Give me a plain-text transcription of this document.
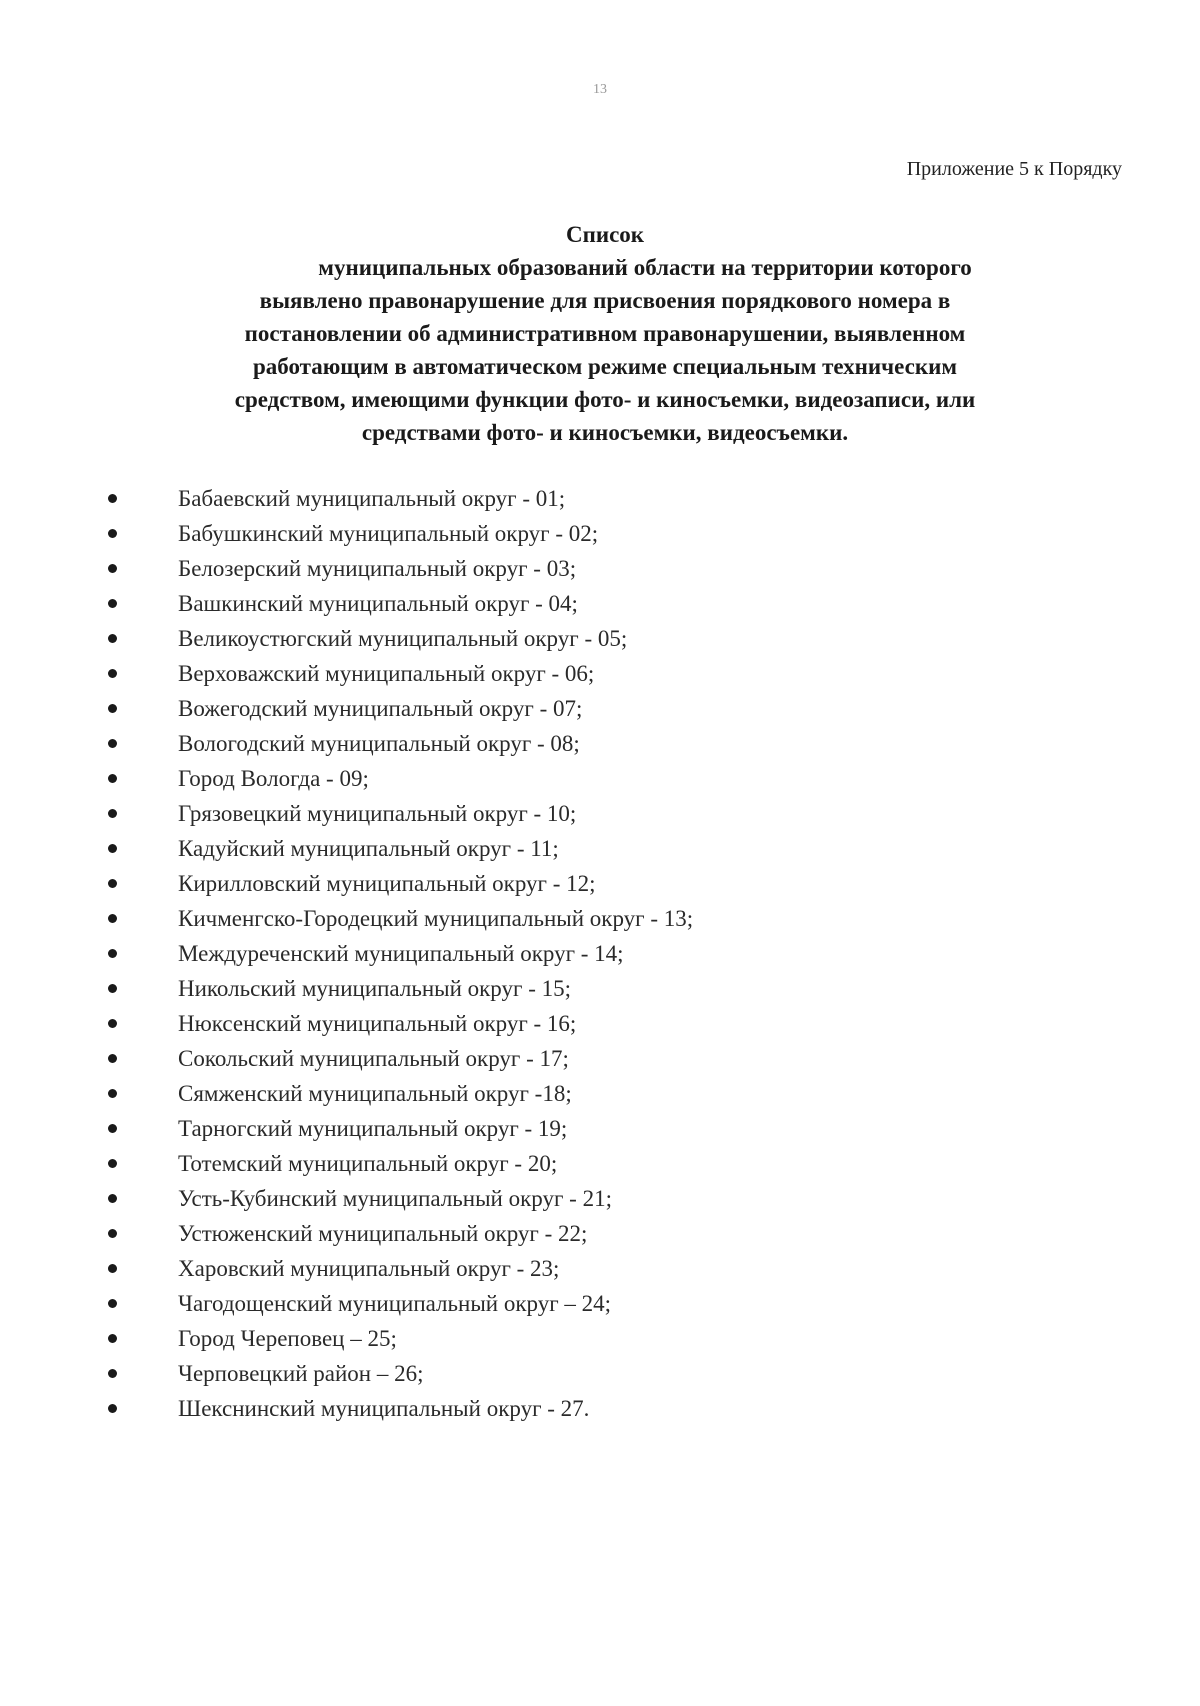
13
Приложение 5 к Порядку
Список
муниципальных образований области на территории которого
выявлено правонарушение для присвоения порядкового номера в
постановлении об административном правонарушении, выявленном
работающим в автоматическом режиме специальным техническим
средством, имеющими функции фото- и киносъемки, видеозаписи, или
средствами фото- и киносъемки, видеосъемки.
Бабаевский муниципальный округ - 01;
Бабушкинский муниципальный округ - 02;
Белозерский муниципальный округ - 03;
Вашкинский муниципальный округ - 04;
Великоустюгский муниципальный округ - 05;
Верховажский муниципальный округ - 06;
Вожегодский муниципальный округ - 07;
Вологодский муниципальный округ - 08;
Город Вологда - 09;
Грязовецкий муниципальный округ - 10;
Кадуйский муниципальный округ - 11;
Кирилловский муниципальный округ - 12;
Кичменгско-Городецкий муниципальный округ - 13;
Междуреченский муниципальный округ - 14;
Никольский муниципальный округ - 15;
Нюксенский муниципальный округ - 16;
Сокольский муниципальный округ - 17;
Сямженский муниципальный округ -18;
Тарногский муниципальный округ - 19;
Тотемский муниципальный округ - 20;
Усть-Кубинский муниципальный округ - 21;
Устюженский муниципальный округ - 22;
Харовский муниципальный округ - 23;
Чагодощенский муниципальный округ – 24;
Город Череповец – 25;
Черповецкий район – 26;
Шекснинский муниципальный округ - 27.
